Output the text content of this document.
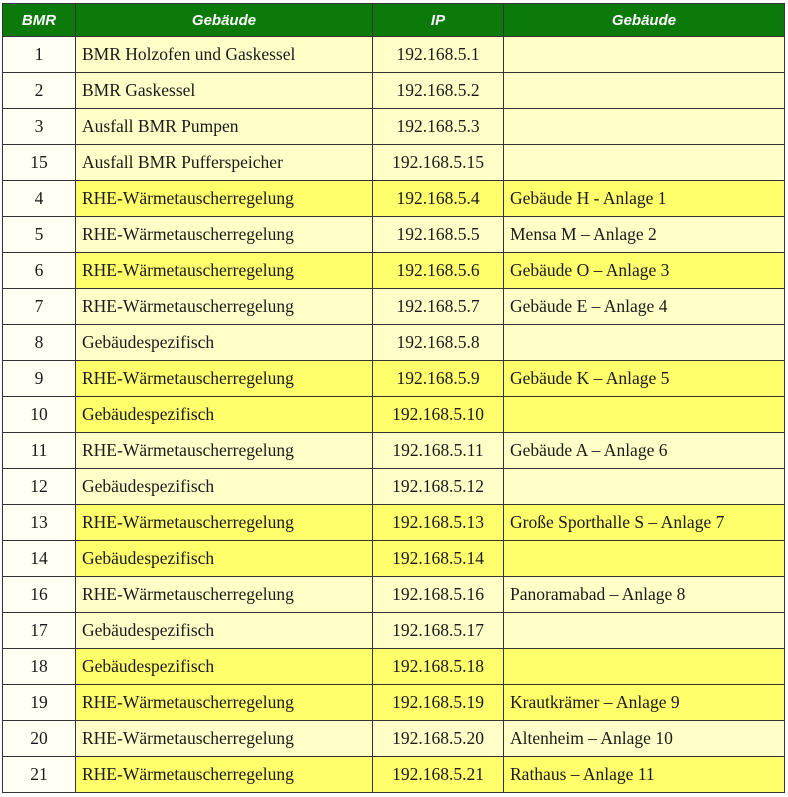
BMR	Gebäude	IP	Gebäude
1	BMR Holzofen und Gaskessel	192.168.5.1	
2	BMR Gaskessel	192.168.5.2	
3	Ausfall BMR Pumpen	192.168.5.3	
15	Ausfall BMR Pufferspeicher	192.168.5.15	
4	RHE-Wärmetauscherregelung	192.168.5.4	Gebäude H - Anlage 1
5	RHE-Wärmetauscherregelung	192.168.5.5	Mensa M – Anlage 2
6	RHE-Wärmetauscherregelung	192.168.5.6	Gebäude O – Anlage 3
7	RHE-Wärmetauscherregelung	192.168.5.7	Gebäude E – Anlage 4
8	Gebäudespezifisch	192.168.5.8	
9	RHE-Wärmetauscherregelung	192.168.5.9	Gebäude K – Anlage 5
10	Gebäudespezifisch	192.168.5.10	
11	RHE-Wärmetauscherregelung	192.168.5.11	Gebäude A – Anlage 6
12	Gebäudespezifisch	192.168.5.12	
13	RHE-Wärmetauscherregelung	192.168.5.13	Große Sporthalle S – Anlage 7
14	Gebäudespezifisch	192.168.5.14	
16	RHE-Wärmetauscherregelung	192.168.5.16	Panoramabad – Anlage 8
17	Gebäudespezifisch	192.168.5.17	
18	Gebäudespezifisch	192.168.5.18	
19	RHE-Wärmetauscherregelung	192.168.5.19	Krautkrämer – Anlage 9
20	RHE-Wärmetauscherregelung	192.168.5.20	Altenheim – Anlage 10
21	RHE-Wärmetauscherregelung	192.168.5.21	Rathaus – Anlage 11
